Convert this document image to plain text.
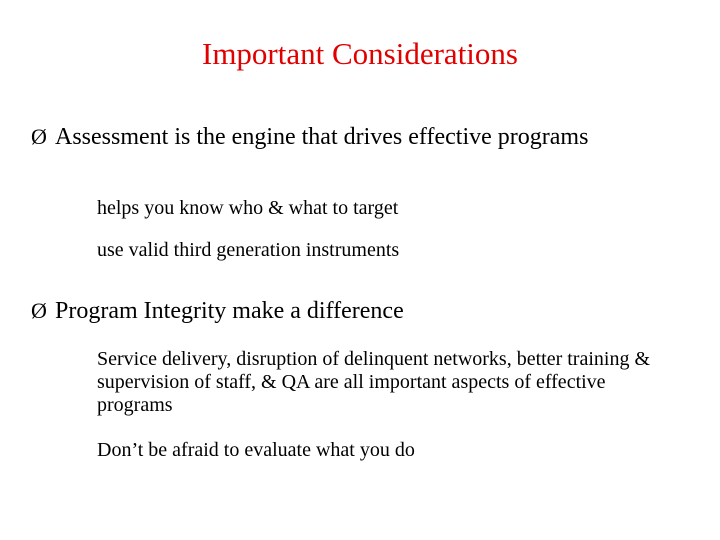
Important Considerations
Ø Assessment is the engine that drives effective programs
helps you know who & what to target
use valid third generation instruments
Ø Program Integrity make a difference
Service delivery, disruption of delinquent networks, better training & supervision of staff, & QA are all important aspects of effective programs
Don’t be afraid to evaluate what you do
